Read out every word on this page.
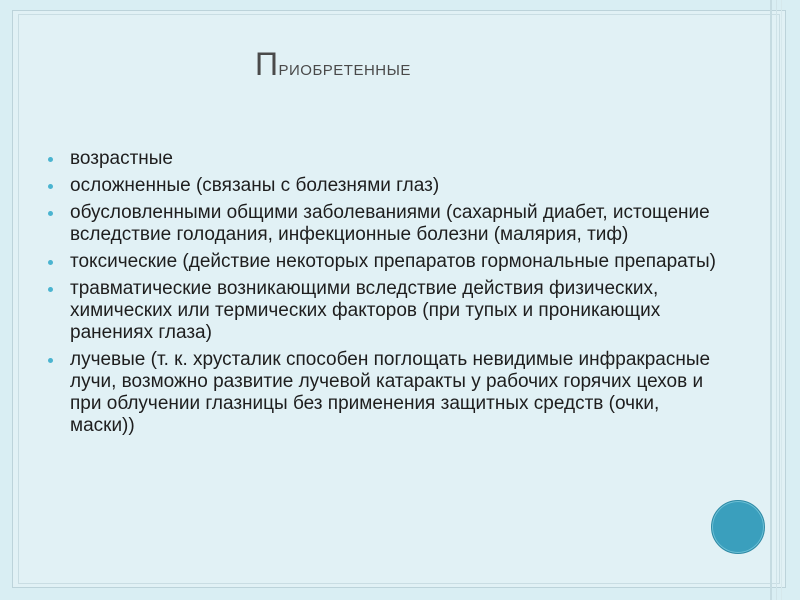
Приобретенные
возрастные
осложненные (связаны с болезнями глаз)
обусловленными общими заболеваниями (сахарный диабет, истощение вследствие голодания, инфекционные болезни (малярия, тиф)
токсические (действие некоторых препаратов гормональные препараты)
травматические возникающими вследствие действия физических, химических или термических факторов (при тупых и проникающих ранениях глаза)
лучевые (т. к. хрусталик способен поглощать невидимые инфракрасные лучи, возможно развитие лучевой катаракты у рабочих горячих цехов и при облучении глазницы без применения защитных средств (очки, маски))
